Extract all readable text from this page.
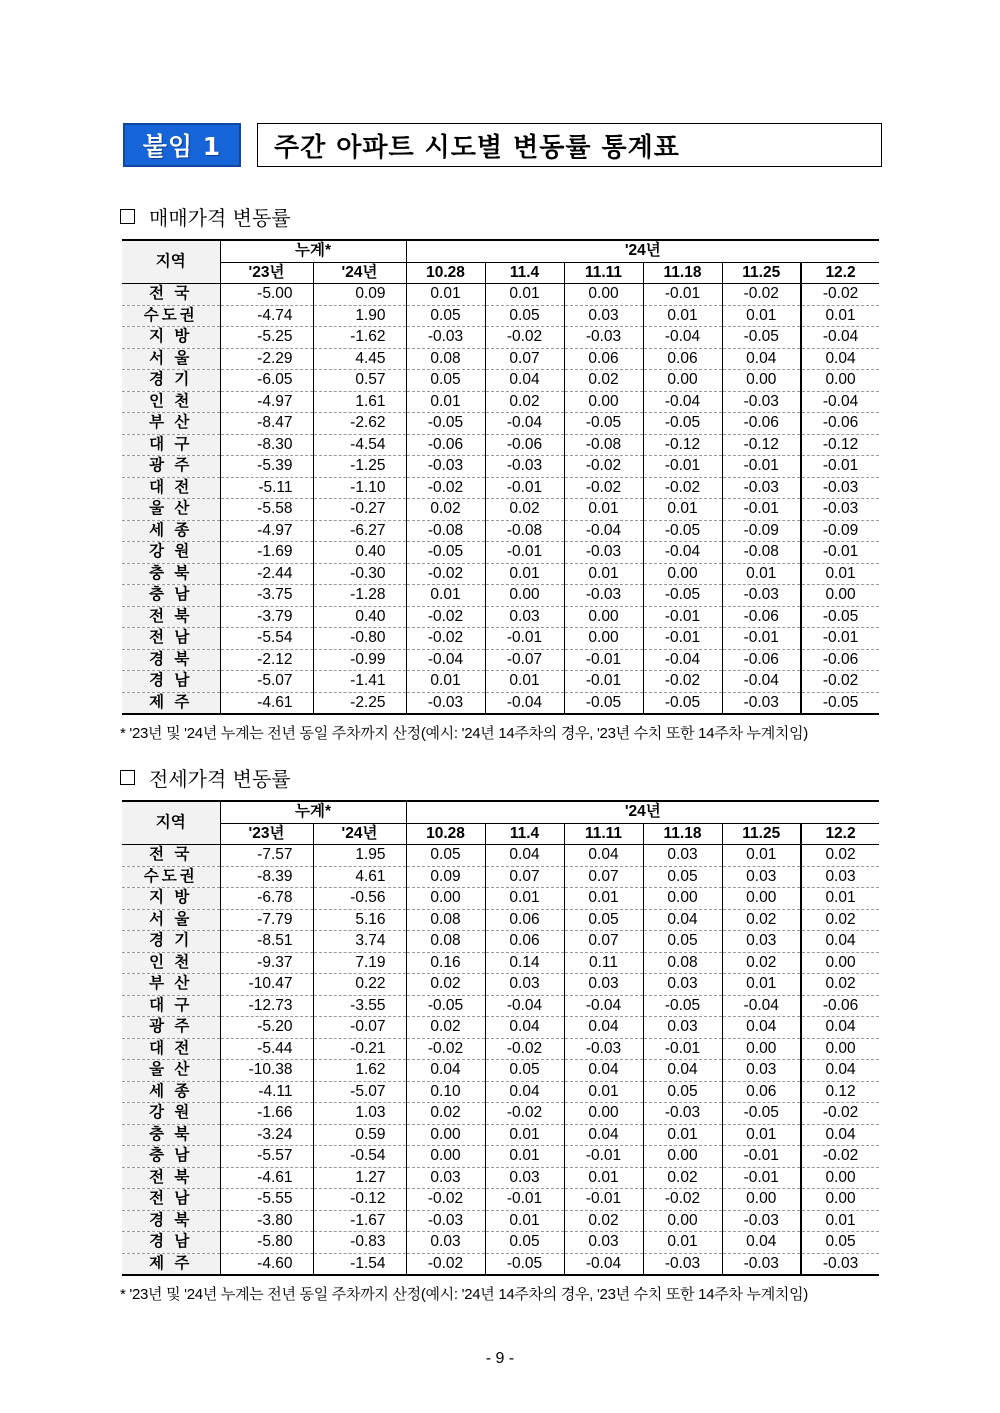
붙임 1 주간 아파트 시도별 변동률 통계표
매매가격 변동률
지역	누계*		'24년					
	'23년	'24년	10.28	11.4	11.11	11.18	11.25	12.2
전 국	-5.00	0.09	0.01	0.01	0.00	-0.01	-0.02	-0.02
수도권	-4.74	1.90	0.05	0.05	0.03	0.01	0.01	0.01
지 방	-5.25	-1.62	-0.03	-0.02	-0.03	-0.04	-0.05	-0.04
서 울	-2.29	4.45	0.08	0.07	0.06	0.06	0.04	0.04
경 기	-6.05	0.57	0.05	0.04	0.02	0.00	0.00	0.00
인 천	-4.97	1.61	0.01	0.02	0.00	-0.04	-0.03	-0.04
부 산	-8.47	-2.62	-0.05	-0.04	-0.05	-0.05	-0.06	-0.06
대 구	-8.30	-4.54	-0.06	-0.06	-0.08	-0.12	-0.12	-0.12
광 주	-5.39	-1.25	-0.03	-0.03	-0.02	-0.01	-0.01	-0.01
대 전	-5.11	-1.10	-0.02	-0.01	-0.02	-0.02	-0.03	-0.03
울 산	-5.58	-0.27	0.02	0.02	0.01	0.01	-0.01	-0.03
세 종	-4.97	-6.27	-0.08	-0.08	-0.04	-0.05	-0.09	-0.09
강 원	-1.69	0.40	-0.05	-0.01	-0.03	-0.04	-0.08	-0.01
충 북	-2.44	-0.30	-0.02	0.01	0.01	0.00	0.01	0.01
충 남	-3.75	-1.28	0.01	0.00	-0.03	-0.05	-0.03	0.00
전 북	-3.79	0.40	-0.02	0.03	0.00	-0.01	-0.06	-0.05
전 남	-5.54	-0.80	-0.02	-0.01	0.00	-0.01	-0.01	-0.01
경 북	-2.12	-0.99	-0.04	-0.07	-0.01	-0.04	-0.06	-0.06
경 남	-5.07	-1.41	0.01	0.01	-0.01	-0.02	-0.04	-0.02
제 주	-4.61	-2.25	-0.03	-0.04	-0.05	-0.05	-0.03	-0.05
* '23년 및 '24년 누계는 전년 동일 주차까지 산정(예시: '24년 14주차의 경우, '23년 수치 또한 14주차 누계치임)
전세가격 변동률
지역	누계*		'24년					
	'23년	'24년	10.28	11.4	11.11	11.18	11.25	12.2
전 국	-7.57	1.95	0.05	0.04	0.04	0.03	0.01	0.02
수도권	-8.39	4.61	0.09	0.07	0.07	0.05	0.03	0.03
지 방	-6.78	-0.56	0.00	0.01	0.01	0.00	0.00	0.01
서 울	-7.79	5.16	0.08	0.06	0.05	0.04	0.02	0.02
경 기	-8.51	3.74	0.08	0.06	0.07	0.05	0.03	0.04
인 천	-9.37	7.19	0.16	0.14	0.11	0.08	0.02	0.00
부 산	-10.47	0.22	0.02	0.03	0.03	0.03	0.01	0.02
대 구	-12.73	-3.55	-0.05	-0.04	-0.04	-0.05	-0.04	-0.06
광 주	-5.20	-0.07	0.02	0.04	0.04	0.03	0.04	0.04
대 전	-5.44	-0.21	-0.02	-0.02	-0.03	-0.01	0.00	0.00
울 산	-10.38	1.62	0.04	0.05	0.04	0.04	0.03	0.04
세 종	-4.11	-5.07	0.10	0.04	0.01	0.05	0.06	0.12
강 원	-1.66	1.03	0.02	-0.02	0.00	-0.03	-0.05	-0.02
충 북	-3.24	0.59	0.00	0.01	0.04	0.01	0.01	0.04
충 남	-5.57	-0.54	0.00	0.01	-0.01	0.00	-0.01	-0.02
전 북	-4.61	1.27	0.03	0.03	0.01	0.02	-0.01	0.00
전 남	-5.55	-0.12	-0.02	-0.01	-0.01	-0.02	0.00	0.00
경 북	-3.80	-1.67	-0.03	0.01	0.02	0.00	-0.03	0.01
경 남	-5.80	-0.83	0.03	0.05	0.03	0.01	0.04	0.05
제 주	-4.60	-1.54	-0.02	-0.05	-0.04	-0.03	-0.03	-0.03
* '23년 및 '24년 누계는 전년 동일 주차까지 산정(예시: '24년 14주차의 경우, '23년 수치 또한 14주차 누계치임)
- 9 -
